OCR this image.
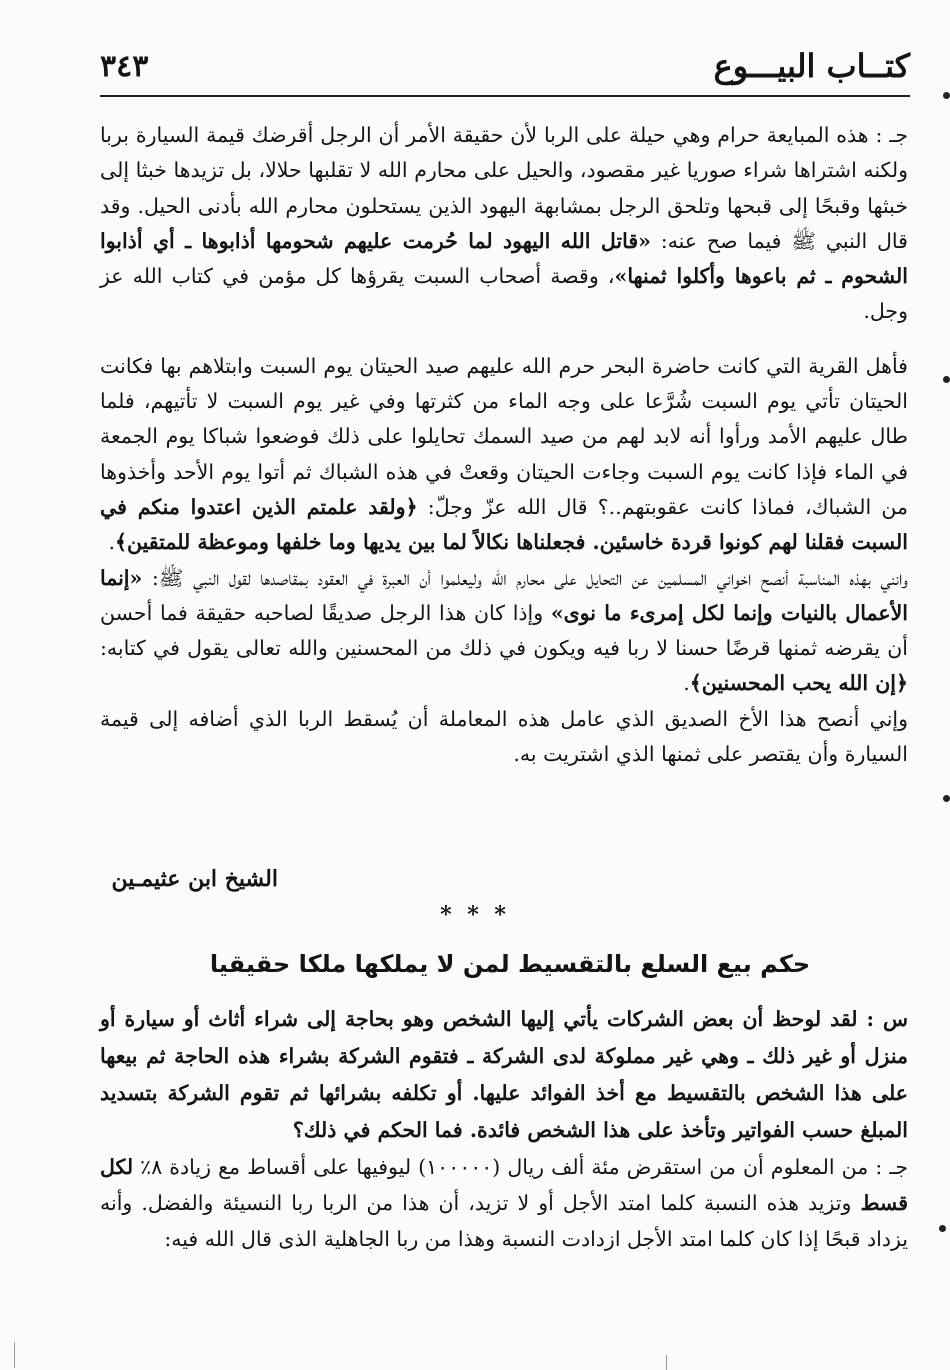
كتــاب البيـــوع
٣٤٣

جـ : هذه المبايعة حرام وهي حيلة على الربا لأن حقيقة الأمر أن الرجل أقرضك قيمة السيارة بربا ولكنه اشتراها شراء صوريا غير مقصود، والحيل على محارم الله لا تقلبها حلالا، بل تزيدها خبثا إلى خبثها وقبحًا إلى قبحها وتلحق الرجل بمشابهة اليهود الذين يستحلون محارم الله بأدنى الحيل. وقد قال النبي ﷺ فيما صح عنه: «قاتل الله اليهود لما حُرمت عليهم شحومها أذابوها ـ أي أذابوا الشحوم ـ ثم باعوها وأكلوا ثمنها»، وقصة أصحاب السبت يقرؤها كل مؤمن في كتاب الله عز وجل.

فأهل القرية التي كانت حاضرة البحر حرم الله عليهم صيد الحيتان يوم السبت وابتلاهم بها فكانت الحيتان تأتي يوم السبت شُرَّعا على وجه الماء من كثرتها وفي غير يوم السبت لا تأتيهم، فلما طال عليهم الأمد ورأوا أنه لابد لهم من صيد السمك تحايلوا على ذلك فوضعوا شباكا يوم الجمعة في الماء فإذا كانت يوم السبت وجاءت الحيتان وقعتْ في هذه الشباك ثم أتوا يوم الأحد وأخذوها من الشباك، فماذا كانت عقوبتهم..؟ قال الله عزّ وجلّ: ﴿ولقد علمتم الذين اعتدوا منكم في السبت فقلنا لهم كونوا قردة خاسئين. فجعلناها نكالاً لما بين يديها وما خلفها وموعظة للمتقين﴾.

وانني بهذه المناسبة أنصح اخواني المسلمين عن التحايل على محارم الله وليعلموا أن العبرة في العقود بمقاصدها لقول النبي ﷺ: «إنما الأعمال بالنيات وإنما لكل إمرىء ما نوى» وإذا كان هذا الرجل صديقًا لصاحبه حقيقة فما أحسن أن يقرضه ثمنها قرضًا حسنا لا ربا فيه ويكون في ذلك من المحسنين والله تعالى يقول في كتابه: ﴿إن الله يحب المحسنين﴾.

وإني أنصح هذا الأخ الصديق الذي عامل هذه المعاملة أن يُسقط الربا الذي أضافه إلى قيمة السيارة وأن يقتصر على ثمنها الذي اشتريت به.

الشيخ ابن عثيمـين
* * *
حكم بيع السلع بالتقسيط لمن لا يملكها ملكا حقيقيا

س : لقد لوحظ أن بعض الشركات يأتي إليها الشخص وهو بحاجة إلى شراء أثاث أو سيارة أو منزل أو غير ذلك ـ وهي غير مملوكة لدى الشركة ـ فتقوم الشركة بشراء هذه الحاجة ثم بيعها على هذا الشخص بالتقسيط مع أخذ الفوائد عليها. أو تكلفه بشرائها ثم تقوم الشركة بتسديد المبلغ حسب الفواتير وتأخذ على هذا الشخص فائدة. فما الحكم في ذلك؟

جـ : من المعلوم أن من استقرض مئة ألف ريال (١٠٠٠٠٠) ليوفيها على أقساط مع زيادة ٨٪ لكل قسط وتزيد هذه النسبة كلما امتد الأجل أو لا تزيد، أن هذا من الربا ربا النسيئة والفضل. وأنه يزداد قبحًا إذا كان كلما امتد الأجل ازدادت النسبة وهذا من ربا الجاهلية الذى قال الله فيه:
